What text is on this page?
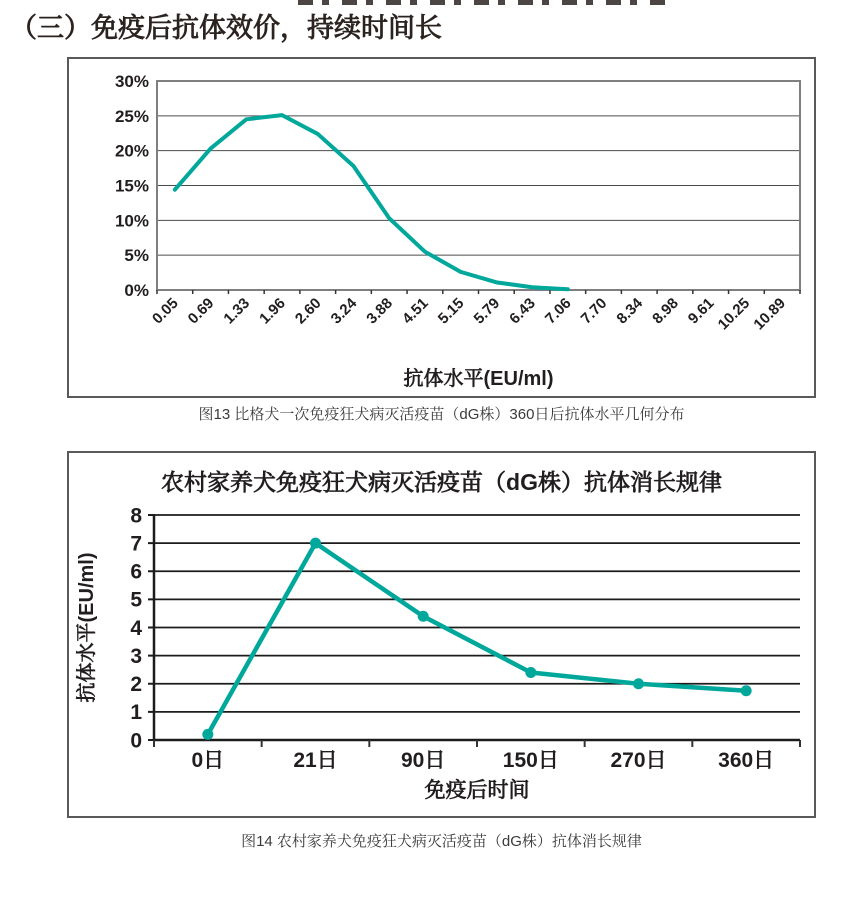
（三）免疫后抗体效价，持续时间长
30%
25%
20%
15%
10%
5%
0%
0.05 0.69 1.33 1.96 2.60 3.24 3.88 4.51 5.15 5.79 6.43 7.06 7.70 8.34 8.98 9.61
10.25
10.89
抗体水平(EU/ml)
图13 比格犬一次免疫狂犬病灭活疫苗（dG株）360日后抗体水平几何分布
农村家养犬免疫狂犬病灭活疫苗（dG株）抗体消长规律
8
7
6
5
4
3
2
1
0
0日	21日	90日	150日 270日 360日
免疫后时间
抗体水平(EU/ml)
图14 农村家养犬免疫狂犬病灭活疫苗（dG株）抗体消长规律
